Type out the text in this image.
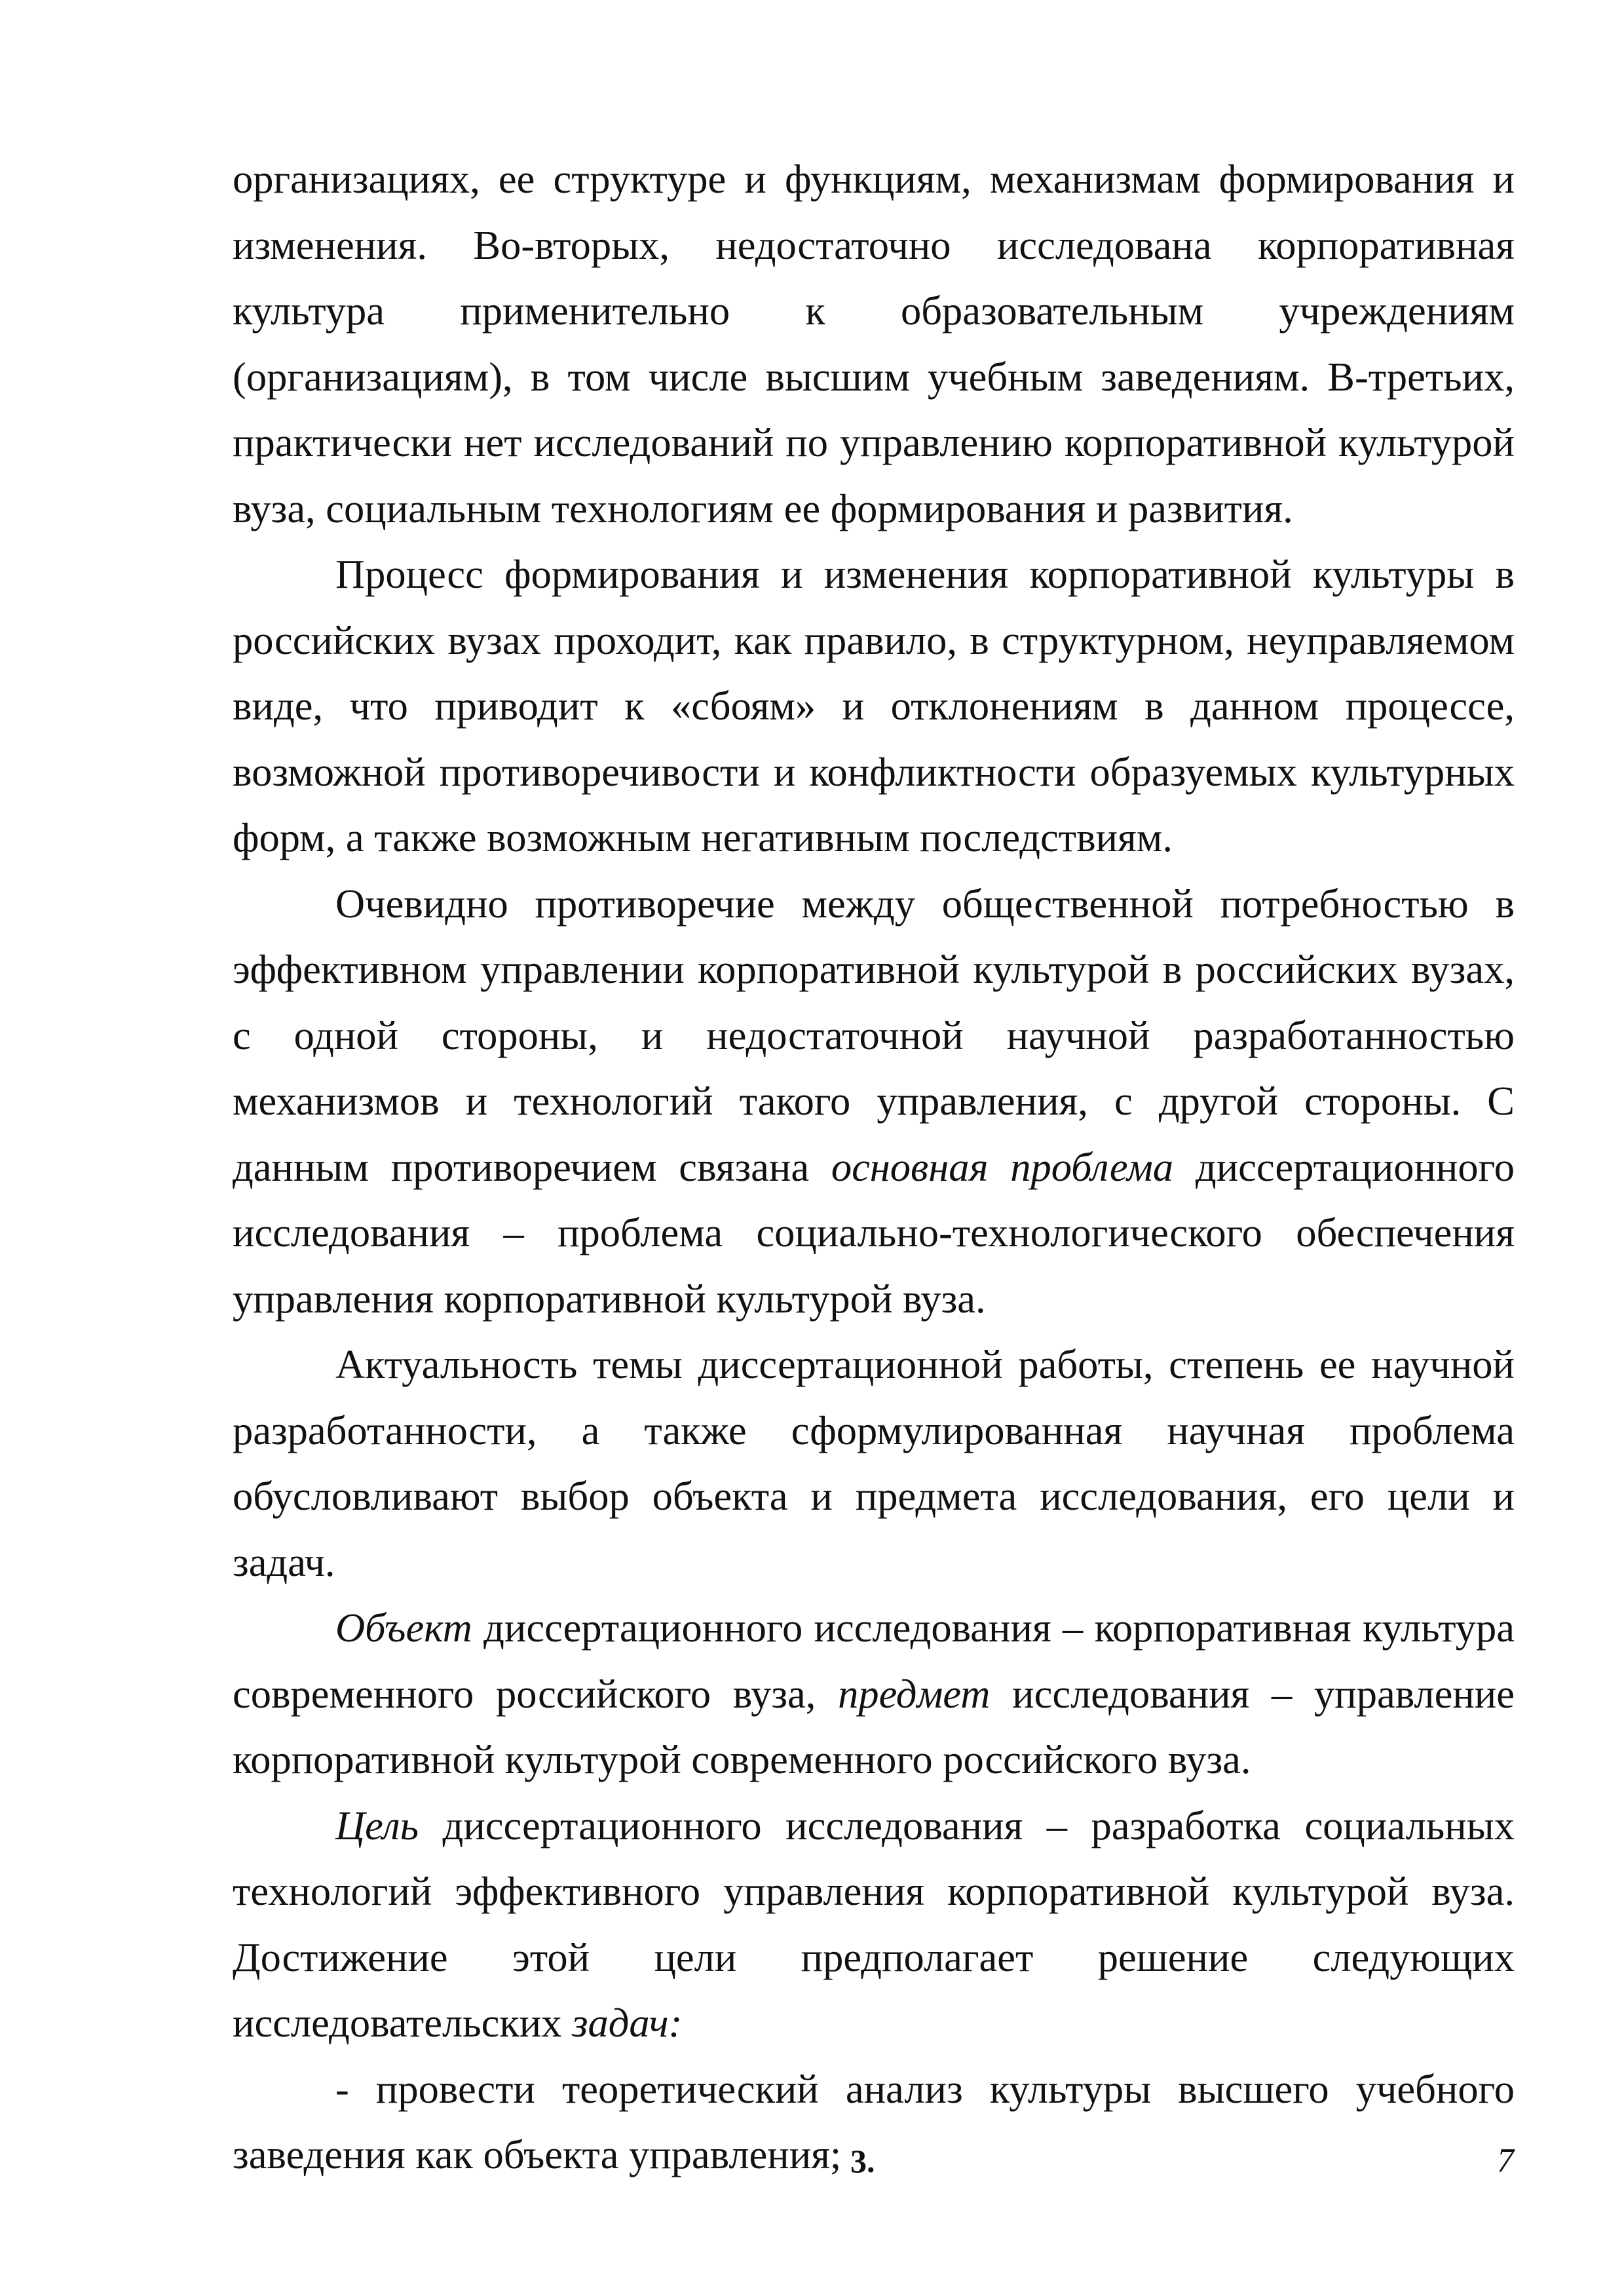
организациях, ее структуре и функциям, механизмам формирования и изменения. Во-вторых, недостаточно исследована корпоративная культура применительно к образовательным учреждениям (организациям), в том числе высшим учебным заведениям. В-третьих, практически нет исследований по управлению корпоративной культурой вуза, социальным технологиям ее формирования и развития.

Процесс формирования и изменения корпоративной культуры в российских вузах проходит, как правило, в структурном, неуправляемом виде, что приводит к «сбоям» и отклонениям в данном процессе, возможной противоречивости и конфликтности образуемых культурных форм, а также возможным негативным последствиям.

Очевидно противоречие между общественной потребностью в эффективном управлении корпоративной культурой в российских вузах, с одной стороны, и недостаточной научной разработанностью механизмов и технологий такого управления, с другой стороны. С данным противоречием связана основная проблема диссертационного исследования – проблема социально-технологического обеспечения управления корпоративной культурой вуза.

Актуальность темы диссертационной работы, степень ее научной разработанности, а также сформулированная научная проблема обусловливают выбор объекта и предмета исследования, его цели и задач.

Объект диссертационного исследования – корпоративная культура современного российского вуза, предмет исследования – управление корпоративной культурой современного российского вуза.

Цель диссертационного исследования – разработка социальных технологий эффективного управления корпоративной культурой вуза. Достижение этой цели предполагает решение следующих исследовательских задач:

- провести теоретический анализ культуры высшего учебного заведения как объекта управления; 3.	7
